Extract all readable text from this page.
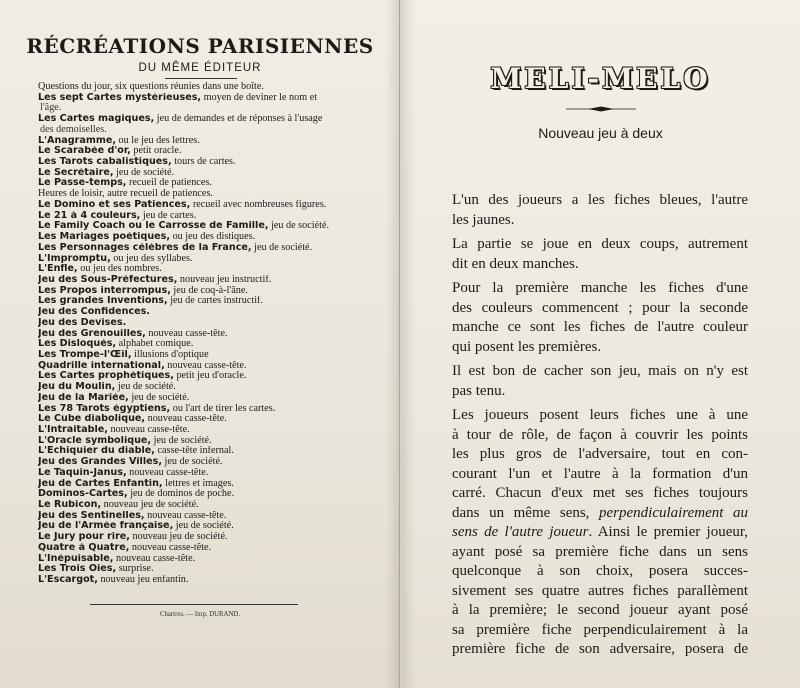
RÉCRÉATIONS PARISIENNES
DU MÊME ÉDITEUR
Questions du jour, six questions réunies dans une boîte.
Les sept Cartes mystérieuses, moyen de deviner le nom et
l'âge.
Les Cartes magiques, jeu de demandes et de réponses à l'usage
des demoiselles.
L'Anagramme, ou le jeu des lettres.
Le Scarabée d'or, petit oracle.
Les Tarots cabalistiques, tours de cartes.
Le Secrétaire, jeu de société.
Le Passe-temps, recueil de patiences.
Heures de loisir, autre recueil de patiences.
Le Domino et ses Patiences, recueil avec nombreuses figures.
Le 21 à 4 couleurs, jeu de cartes.
Le Family Coach ou le Carrosse de Famille, jeu de société.
Les Mariages poétiques, ou jeu des distiques.
Les Personnages célèbres de la France, jeu de société.
L'Impromptu, ou jeu des syllabes.
L'Enfle, ou jeu des nombres.
Jeu des Sous-Préfectures, nouveau jeu instructif.
Les Propos interrompus, jeu de coq-à-l'âne.
Les grandes Inventions, jeu de cartes instructif.
Jeu des Confidences.
Jeu des Devises.
Jeu des Grenouilles, nouveau casse-tête.
Les Disloqués, alphabet comique.
Les Trompe-l'Œil, illusions d'optique
Quadrille international, nouveau casse-tête.
Les Cartes prophétiques, petit jeu d'oracle.
Jeu du Moulin, jeu de société.
Jeu de la Mariée, jeu de société.
Les 78 Tarots égyptiens, ou l'art de tirer les cartes.
Le Cube diabolique, nouveau casse-tête.
L'Intraitable, nouveau casse-tête.
L'Oracle symbolique, jeu de société.
L'Échiquier du diable, casse-tête infernal.
Jeu des Grandes Villes, jeu de société.
Le Taquin-Janus, nouveau casse-tête.
Jeu de Cartes Enfantin, lettres et images.
Dominos-Cartes, jeu de dominos de poche.
Le Rubicon, nouveau jeu de société.
Jeu des Sentinelles, nouveau casse-tête.
Jeu de l'Armée française, jeu de société.
Le Jury pour rire, nouveau jeu de société.
Quatre à Quatre, nouveau casse-tête.
L'Inépuisable, nouveau casse-tête.
Les Trois Oies, surprise.
L'Escargot, nouveau jeu enfantin.
Chartres. — Imp. DURAND.
MELI-MELO
Nouveau jeu à deux
L'un des joueurs a les fiches bleues, l'autre
les jaunes.
La partie se joue en deux coups, autrement
dit en deux manches.
Pour la première manche les fiches d'une
des couleurs commencent ; pour la seconde
manche ce sont les fiches de l'autre couleur
qui posent les premières.
Il est bon de cacher son jeu, mais on n'y est
pas tenu.
Les joueurs posent leurs fiches une à une
à tour de rôle, de façon à couvrir les points
les plus gros de l'adversaire, tout en con-
courant l'un et l'autre à la formation d'un
carré. Chacun d'eux met ses fiches toujours
dans un même sens, perpendiculairement au
sens de l'autre joueur. Ainsi le premier joueur,
ayant posé sa première fiche dans un sens
quelconque à son choix, posera succes-
sivement ses quatre autres fiches parallèment
à la première; le second joueur ayant posé
sa première fiche perpendiculairement à la
première fiche de son adversaire, posera de
